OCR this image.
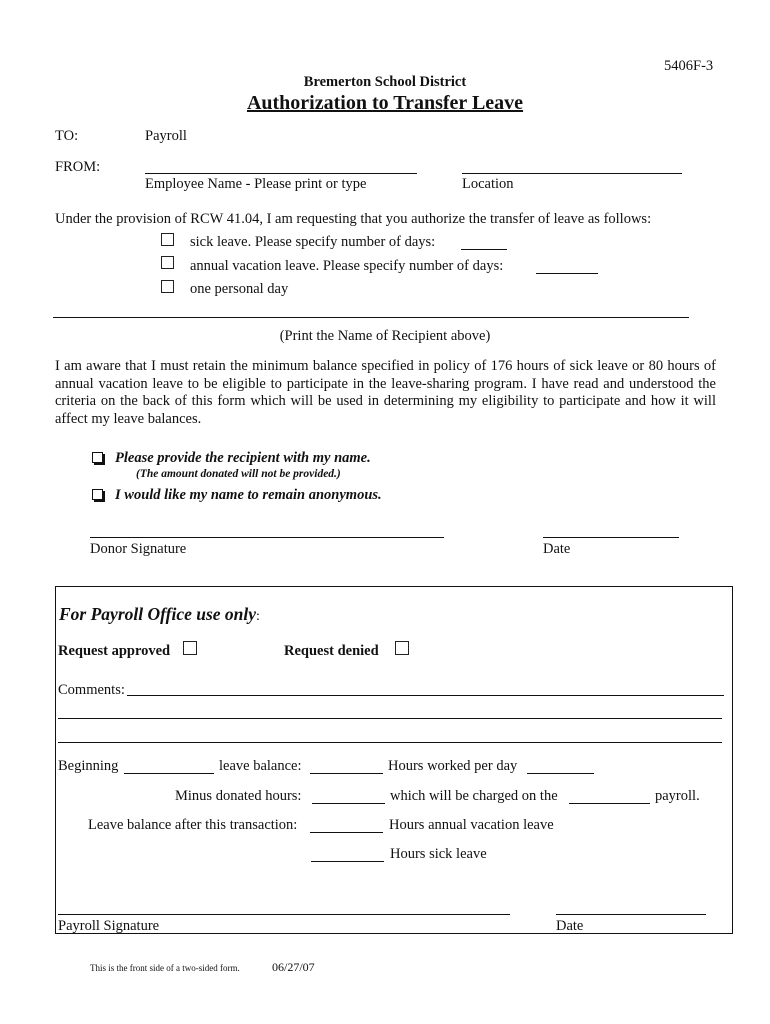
5406F-3
Bremerton School District
Authorization to Transfer Leave
TO:	Payroll
FROM:
Employee Name - Please print or type	Location
Under the provision of RCW 41.04, I am requesting that you authorize the transfer of leave as follows:
sick leave. Please specify number of days:
annual vacation leave. Please specify number of days:
one personal day
(Print the Name of Recipient above)
I am aware that I must retain the minimum balance specified in policy of 176 hours of sick leave or 80 hours of annual vacation leave to be eligible to participate in the leave-sharing program. I have read and understood the criteria on the back of this form which will be used in determining my eligibility to participate and how it will affect my leave balances.
Please provide the recipient with my name.
(The amount donated will not be provided.)
I would like my name to remain anonymous.
Donor Signature	Date
For Payroll Office use only:
Request approved	Request denied
Comments:
Beginning	leave balance:	Hours worked per day
Minus donated hours:	which will be charged on the	payroll.
Leave balance after this transaction:	Hours annual vacation leave
Hours sick leave
Payroll Signature	Date
This is the front side of a two-sided form.	06/27/07
